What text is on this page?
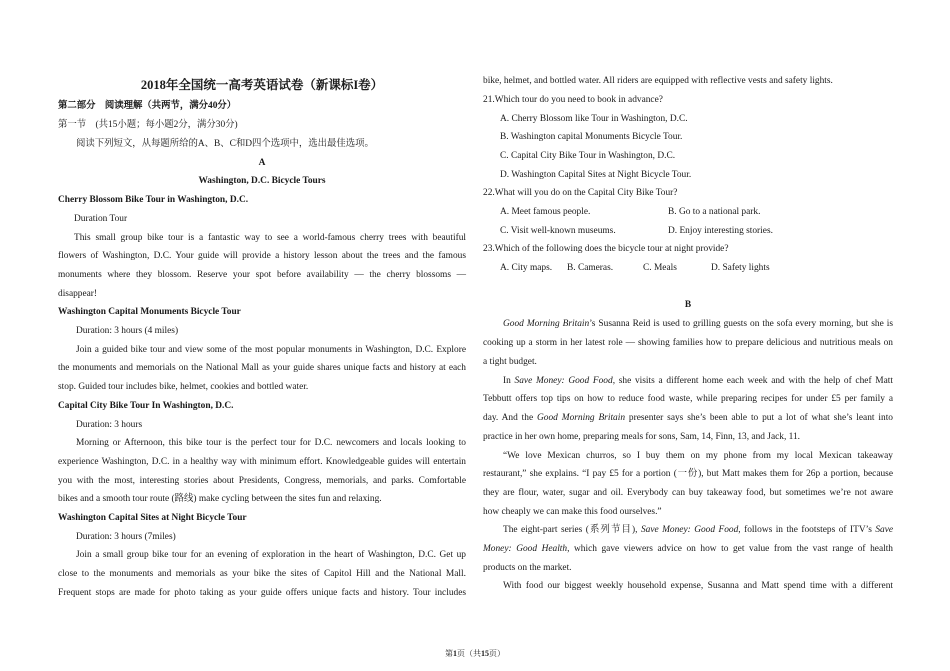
2018年全国统一高考英语试卷（新课标I卷）
第二部分　阅读理解（共两节，满分40分）
第一节　(共15小题；每小题2分，满分30分)
阅读下列短文，从每题所给的A、B、C和D四个选项中，选出最佳选项。
A
Washington, D.C. Bicycle Tours
Cherry Blossom Bike Tour in Washington, D.C.
Duration Tour
This small group bike tour is a fantastic way to see a world-famous cherry trees with beautiful
flowers of Washington, D.C. Your guide will provide a history lesson about the trees and the famous
monuments where they blossom. Reserve your spot before availability — the cherry blossoms —
disappear!
Washington Capital Monuments Bicycle Tour
Duration: 3 hours (4 miles)
Join a guided bike tour and view some of the most popular monuments in Washington, D.C. Explore
the monuments and memorials on the National Mall as your guide shares unique facts and history at each
stop. Guided tour includes bike, helmet, cookies and bottled water.
Capital City Bike Tour In Washington, D.C.
Duration: 3 hours
Morning or Afternoon, this bike tour is the perfect tour for D.C. newcomers and locals looking to
experience Washington, D.C. in a healthy way with minimum effort. Knowledgeable guides will entertain
you with the most, interesting stories about Presidents, Congress, memorials, and parks. Comfortable
bikes and a smooth tour route (路线) make cycling between the sites fun and relaxing.
Washington Capital Sites at Night Bicycle Tour
Duration: 3 hours (7miles)
Join a small group bike tour for an evening of exploration in the heart of Washington, D.C. Get up
close to the monuments and memorials as your bike the sites of Capitol Hill and the National Mall.
Frequent stops are made for photo taking as your guide offers unique facts and history. Tour includes
bike, helmet, and bottled water. All riders are equipped with reflective vests and safety lights.
21.Which tour do you need to book in advance?
A. Cherry Blossom like Tour in Washington, D.C.
B. Washington capital Monuments Bicycle Tour.
C. Capital City Bike Tour in Washington, D.C.
D. Washington Capital Sites at Night Bicycle Tour.
22.What will you do on the Capital City Bike Tour?
A. Meet famous people.	B. Go to a national park.
C. Visit well-known museums.	D. Enjoy interesting stories.
23.Which of the following does the bicycle tour at night provide?
A. City maps. B. Cameras.	C. Meals	D. Safety lights
B
Good Morning Britain’s Susanna Reid is used to grilling guests on the sofa every morning, but she is
cooking up a storm in her latest role — showing families how to prepare delicious and nutritious meals on
a tight budget.
In Save Money: Good Food, she visits a different home each week and with the help of chef Matt
Tebbutt offers top tips on how to reduce food waste, while preparing recipes for under £5 per family a
day. And the Good Morning Britain presenter says she’s been able to put a lot of what she’s leant into
practice in her own home, preparing meals for sons, Sam, 14, Finn, 13, and Jack, 11.
“We love Mexican churros, so I buy them on my phone from my local Mexican takeaway
restaurant,” she explains. “I pay £5 for a portion (一份), but Matt makes them for 26p a portion, because
they are flour, water, sugar and oil. Everybody can buy takeaway food, but sometimes we’re not aware
how cheaply we can make this food ourselves.”
The eight-part series (系列节目), Save Money: Good Food, follows in the footsteps of ITV’s Save
Money: Good Health, which gave viewers advice on how to get value from the vast range of health
products on the market.
With food our biggest weekly household expense, Susanna and Matt spend time with a different
第1页（共15页）
